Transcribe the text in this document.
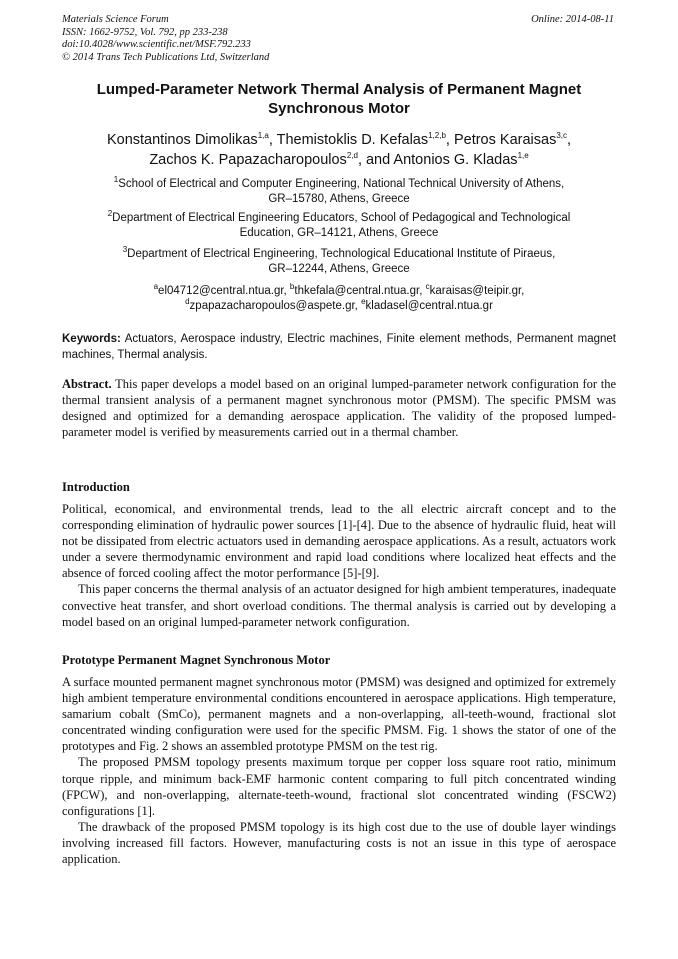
Materials Science Forum
ISSN: 1662-9752, Vol. 792, pp 233-238
doi:10.4028/www.scientific.net/MSF.792.233
© 2014 Trans Tech Publications Ltd, Switzerland
Online: 2014-08-11
Lumped-Parameter Network Thermal Analysis of Permanent Magnet
Synchronous Motor
Konstantinos Dimolikas$^{1,a}$, Themistoklis D. Kefalas$^{1,2,b}$, Petros Karaisas$^{3,c}$,
Zachos K. Papazacharopoulos$^{2,d}$, and Antonios G. Kladas$^{1,e}$
$^1$School of Electrical and Computer Engineering, National Technical University of Athens,
GR–15780, Athens, Greece
$^2$Department of Electrical Engineering Educators, School of Pedagogical and Technological
Education, GR–14121, Athens, Greece
$^3$Department of Electrical Engineering, Technological Educational Institute of Piraeus,
GR–12244, Athens, Greece
$^a$el04712@central.ntua.gr, $^b$thkefala@central.ntua.gr, $^c$karaisas@teipir.gr,
$^d$zpapazacharopoulos@aspete.gr, $^e$kladasel@central.ntua.gr
Keywords: Actuators, Aerospace industry, Electric machines, Finite element methods, Permanent magnet machines, Thermal analysis.
Abstract. This paper develops a model based on an original lumped-parameter network configuration for the thermal transient analysis of a permanent magnet synchronous motor (PMSM). The specific PMSM was designed and optimized for a demanding aerospace application. The validity of the proposed lumped-parameter model is verified by measurements carried out in a thermal chamber.
Introduction

Political, economical, and environmental trends, lead to the all electric aircraft concept and to the corresponding elimination of hydraulic power sources [1]-[4]. Due to the absence of hydraulic fluid, heat will not be dissipated from electric actuators used in demanding aerospace applications. As a result, actuators work under a severe thermodynamic environment and rapid load conditions where localized heat effects and the absence of forced cooling affect the motor performance [5]-[9].

This paper concerns the thermal analysis of an actuator designed for high ambient temperatures, inadequate convective heat transfer, and short overload conditions. The thermal analysis is carried out by developing a model based on an original lumped-parameter network configuration.

Prototype Permanent Magnet Synchronous Motor

A surface mounted permanent magnet synchronous motor (PMSM) was designed and optimized for extremely high ambient temperature environmental conditions encountered in aerospace applications. High temperature, samarium cobalt (SmCo), permanent magnets and a non-overlapping, all-teeth-wound, fractional slot concentrated winding configuration were used for the specific PMSM. Fig. 1 shows the stator of one of the prototypes and Fig. 2 shows an assembled prototype PMSM on the test rig.

The proposed PMSM topology presents maximum torque per copper loss square root ratio, minimum torque ripple, and minimum back-EMF harmonic content comparing to full pitch concentrated winding (FPCW), and non-overlapping, alternate-teeth-wound, fractional slot concentrated winding (FSCW2) configurations [1].

The drawback of the proposed PMSM topology is its high cost due to the use of double layer windings involving increased fill factors. However, manufacturing costs is not an issue in this type of aerospace application.
